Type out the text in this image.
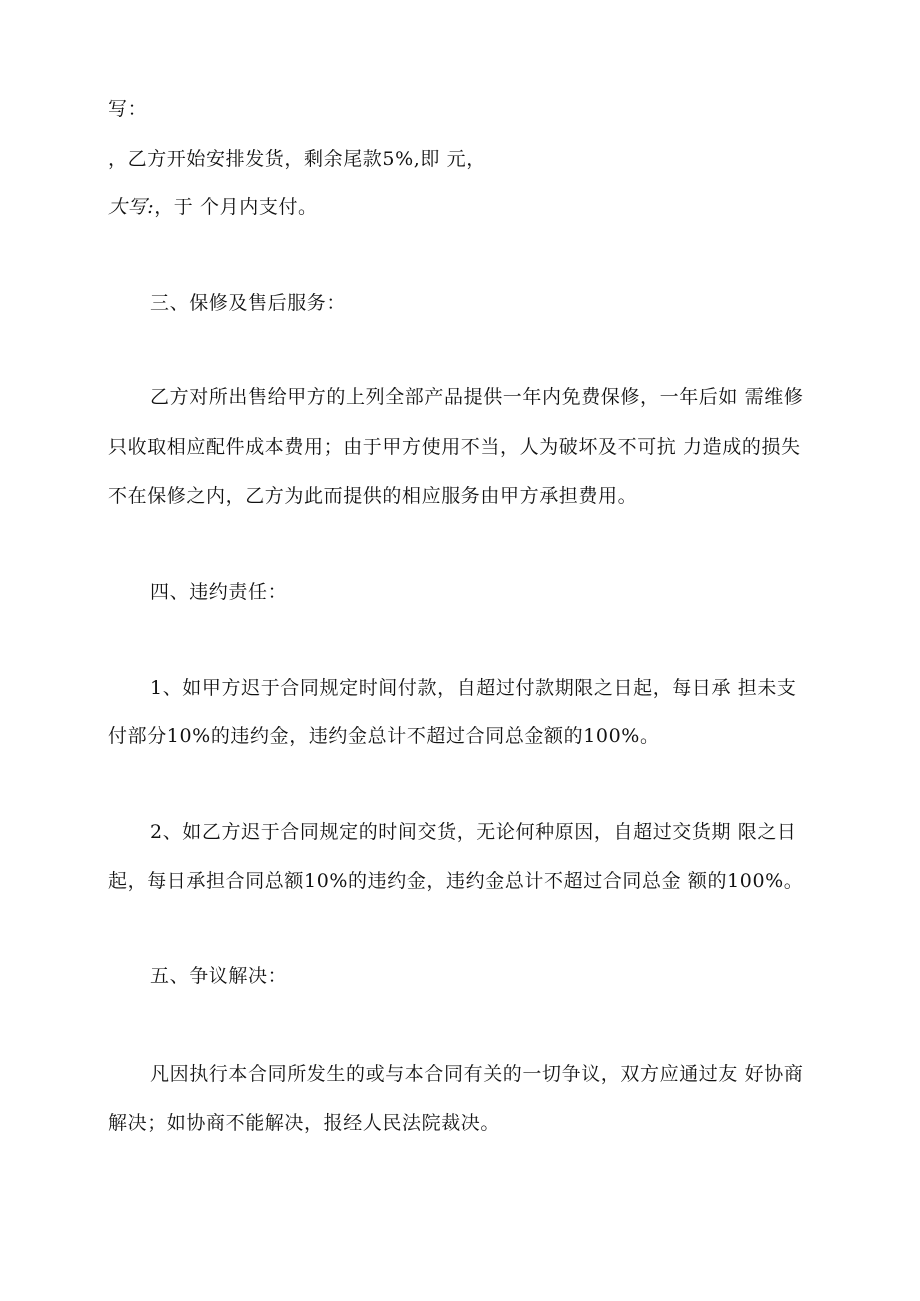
写：
，乙方开始安排发货，剩余尾款5%,即 元，
大写:，于 个月内支付。
三、保修及售后服务：
乙方对所出售给甲方的上列全部产品提供一年内免费保修，一年后如 需维修
只收取相应配件成本费用；由于甲方使用不当，人为破坏及不可抗 力造成的损失
不在保修之内，乙方为此而提供的相应服务由甲方承担费用。
四、违约责任：
1、如甲方迟于合同规定时间付款，自超过付款期限之日起，每日承 担未支
付部分10%的违约金，违约金总计不超过合同总金额的100%。
2、如乙方迟于合同规定的时间交货，无论何种原因，自超过交货期 限之日
起，每日承担合同总额10%的违约金，违约金总计不超过合同总金 额的100%。
五、争议解决：
凡因执行本合同所发生的或与本合同有关的一切争议，双方应通过友 好协商
解决；如协商不能解决，报经人民法院裁决。
